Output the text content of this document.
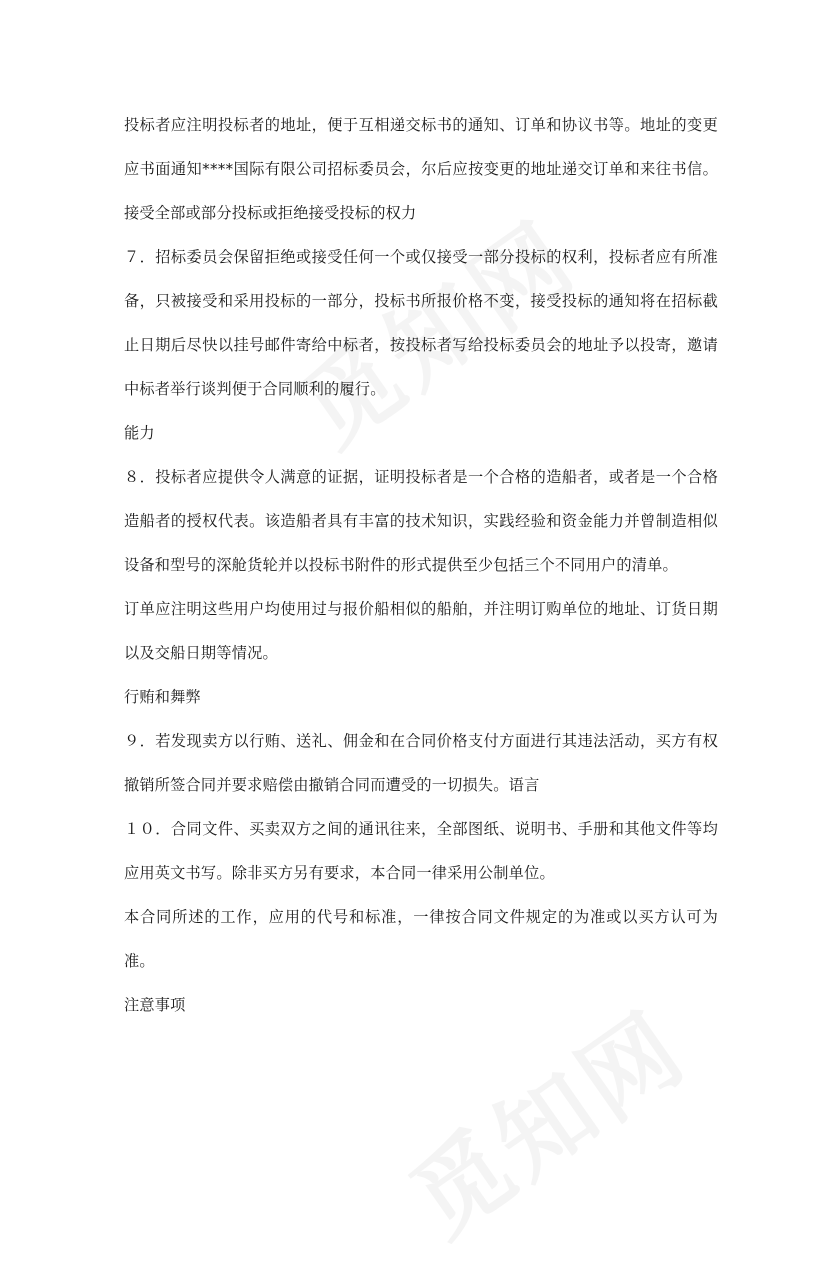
投标者应注明投标者的地址，便于互相递交标书的通知、订单和协议书等。地址的变更应书面通知****国际有限公司招标委员会，尔后应按变更的地址递交订单和来往书信。接受全部或部分投标或拒绝接受投标的权力

７．招标委员会保留拒绝或接受任何一个或仅接受一部分投标的权利，投标者应有所准备，只被接受和采用投标的一部分，投标书所报价格不变，接受投标的通知将在招标截止日期后尽快以挂号邮件寄给中标者，按投标者写给投标委员会的地址予以投寄，邀请中标者举行谈判便于合同顺利的履行。

能力

８．投标者应提供令人满意的证据，证明投标者是一个合格的造船者，或者是一个合格造船者的授权代表。该造船者具有丰富的技术知识，实践经验和资金能力并曾制造相似设备和型号的深舱货轮并以投标书附件的形式提供至少包括三个不同用户的清单。

订单应注明这些用户均使用过与报价船相似的船舶，并注明订购单位的地址、订货日期以及交船日期等情况。

行贿和舞弊

９．若发现卖方以行贿、送礼、佣金和在合同价格支付方面进行其违法活动，买方有权撤销所签合同并要求赔偿由撤销合同而遭受的一切损失。语言

１０．合同文件、买卖双方之间的通讯往来，全部图纸、说明书、手册和其他文件等均应用英文书写。除非买方另有要求，本合同一律采用公制单位。

本合同所述的工作，应用的代号和标准，一律按合同文件规定的为准或以买方认可为准。

注意事项
